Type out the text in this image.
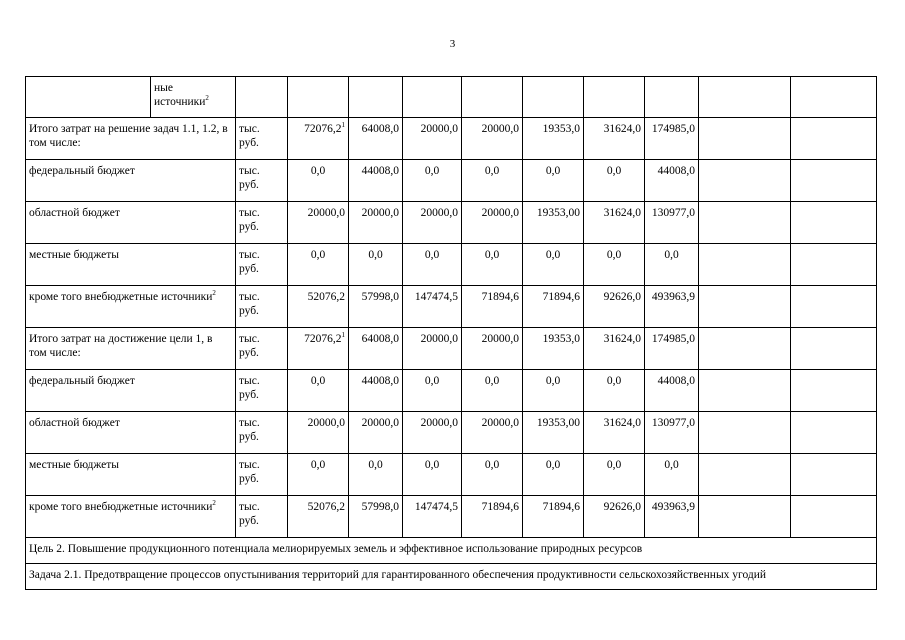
3
	ные
источники$^2$										
Итого затрат на решение задач 1.1, 1.2, в том числе:		тыс.
руб.	72076,2$^1$	64008,0	20000,0	20000,0	19353,0	31624,0	174985,0		
федеральный бюджет		тыс.
руб.	0,0	44008,0	0,0	0,0	0,0	0,0	44008,0		
областной бюджет		тыс.
руб.	20000,0	20000,0	20000,0	20000,0	19353,00	31624,0	130977,0		
местные бюджеты		тыс.
руб.	0,0	0,0	0,0	0,0	0,0	0,0	0,0		
кроме того внебюджетные источники$^2$		тыс.
руб.	52076,2	57998,0	147474,5	71894,6	71894,6	92626,0	493963,9		
Итого затрат на достижение цели 1, в том числе:		тыс.
руб.	72076,2$^1$	64008,0	20000,0	20000,0	19353,0	31624,0	174985,0		
федеральный бюджет		тыс.
руб.	0,0	44008,0	0,0	0,0	0,0	0,0	44008,0		
областной бюджет		тыс.
руб.	20000,0	20000,0	20000,0	20000,0	19353,00	31624,0	130977,0		
местные бюджеты		тыс.
руб.	0,0	0,0	0,0	0,0	0,0	0,0	0,0		
кроме того внебюджетные источники$^2$		тыс.
руб.	52076,2	57998,0	147474,5	71894,6	71894,6	92626,0	493963,9		
Цель 2. Повышение продукционного потенциала мелиорируемых земель и эффективное использование природных ресурсов											
Задача 2.1. Предотвращение процессов опустынивания территорий для гарантированного обеспечения продуктивности сельскохозяйственных угодий											
